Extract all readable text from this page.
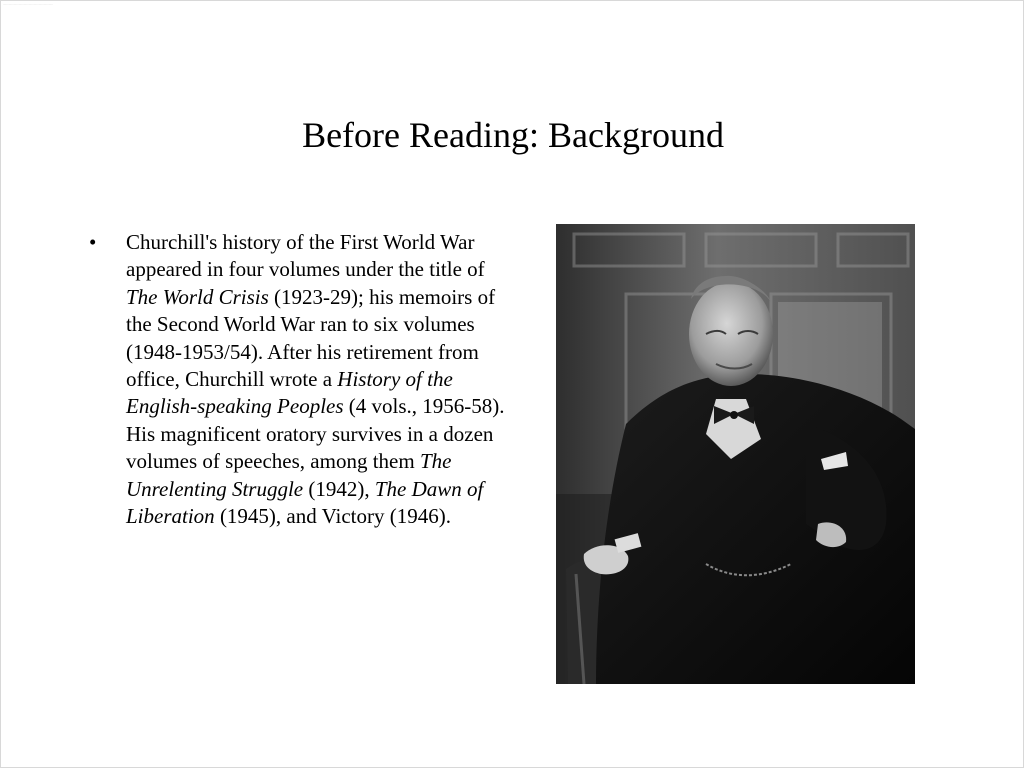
............................................................
Before Reading: Background
• Churchill's history of the First World War appeared in four volumes under the title of The World Crisis (1923-29); his memoirs of the Second World War ran to six volumes (1948-1953/54). After his retirement from office, Churchill wrote a History of the English-speaking Peoples (4 vols., 1956-58). His magnificent oratory survives in a dozen volumes of speeches, among them The Unrelenting Struggle (1942), The Dawn of Liberation (1945), and Victory (1946).
